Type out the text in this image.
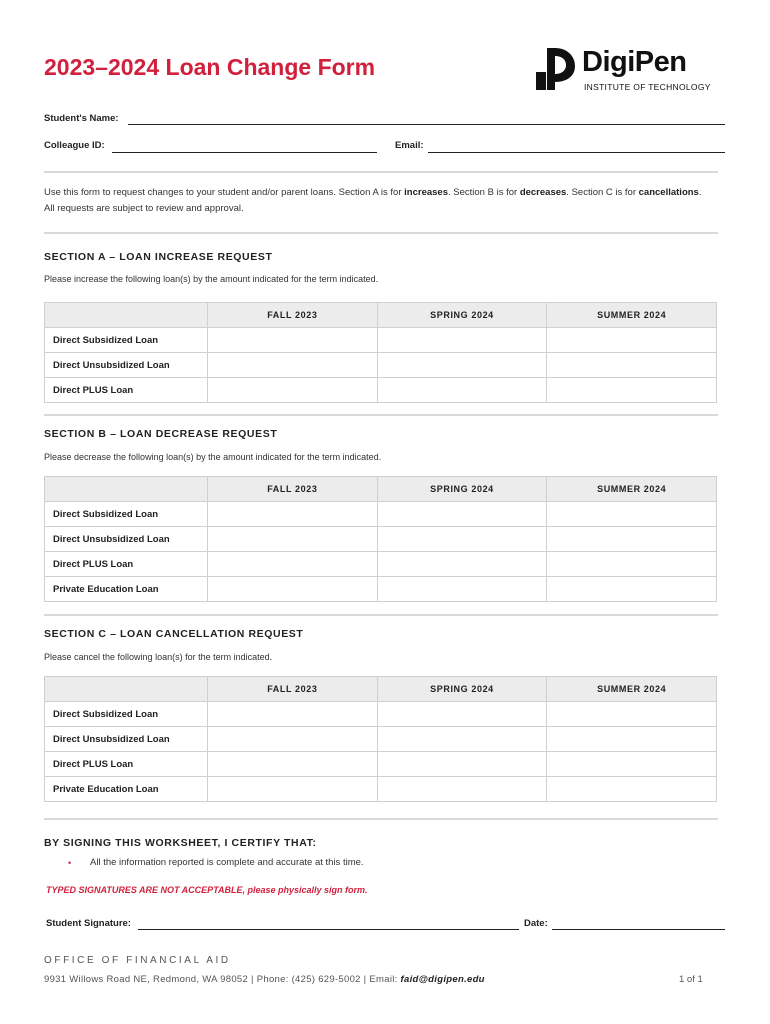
2023–2024 Loan Change Form	DigiPen
INSTITUTE OF TECHNOLOGY
Student's Name:
Colleague ID:	Email:
Use this form to request changes to your student and/or parent loans. Section A is for increases. Section B is for decreases. Section C is for cancellations. All requests are subject to review and approval.
SECTION A – LOAN INCREASE REQUEST
Please increase the following loan(s) by the amount indicated for the term indicated.
	FALL 2023	SPRING 2024	SUMMER 2024
Direct Subsidized Loan			
Direct Unsubsidized Loan			
Direct PLUS Loan			
SECTION B – LOAN DECREASE REQUEST
Please decrease the following loan(s) by the amount indicated for the term indicated.
	FALL 2023	SPRING 2024	SUMMER 2024
Direct Subsidized Loan			
Direct Unsubsidized Loan			
Direct PLUS Loan			
Private Education Loan			
SECTION C – LOAN CANCELLATION REQUEST
Please cancel the following loan(s) for the term indicated.
	FALL 2023	SPRING 2024	SUMMER 2024
Direct Subsidized Loan			
Direct Unsubsidized Loan			
Direct PLUS Loan			
Private Education Loan			
BY SIGNING THIS WORKSHEET, I CERTIFY THAT:
• All the information reported is complete and accurate at this time.
TYPED SIGNATURES ARE NOT ACCEPTABLE, please physically sign form.
Student Signature:	Date:
OFFICE OF FINANCIAL AID
9931 Willows Road NE, Redmond, WA 98052 | Phone: (425) 629-5002 | Email: faid@digipen.edu	1 of 1
